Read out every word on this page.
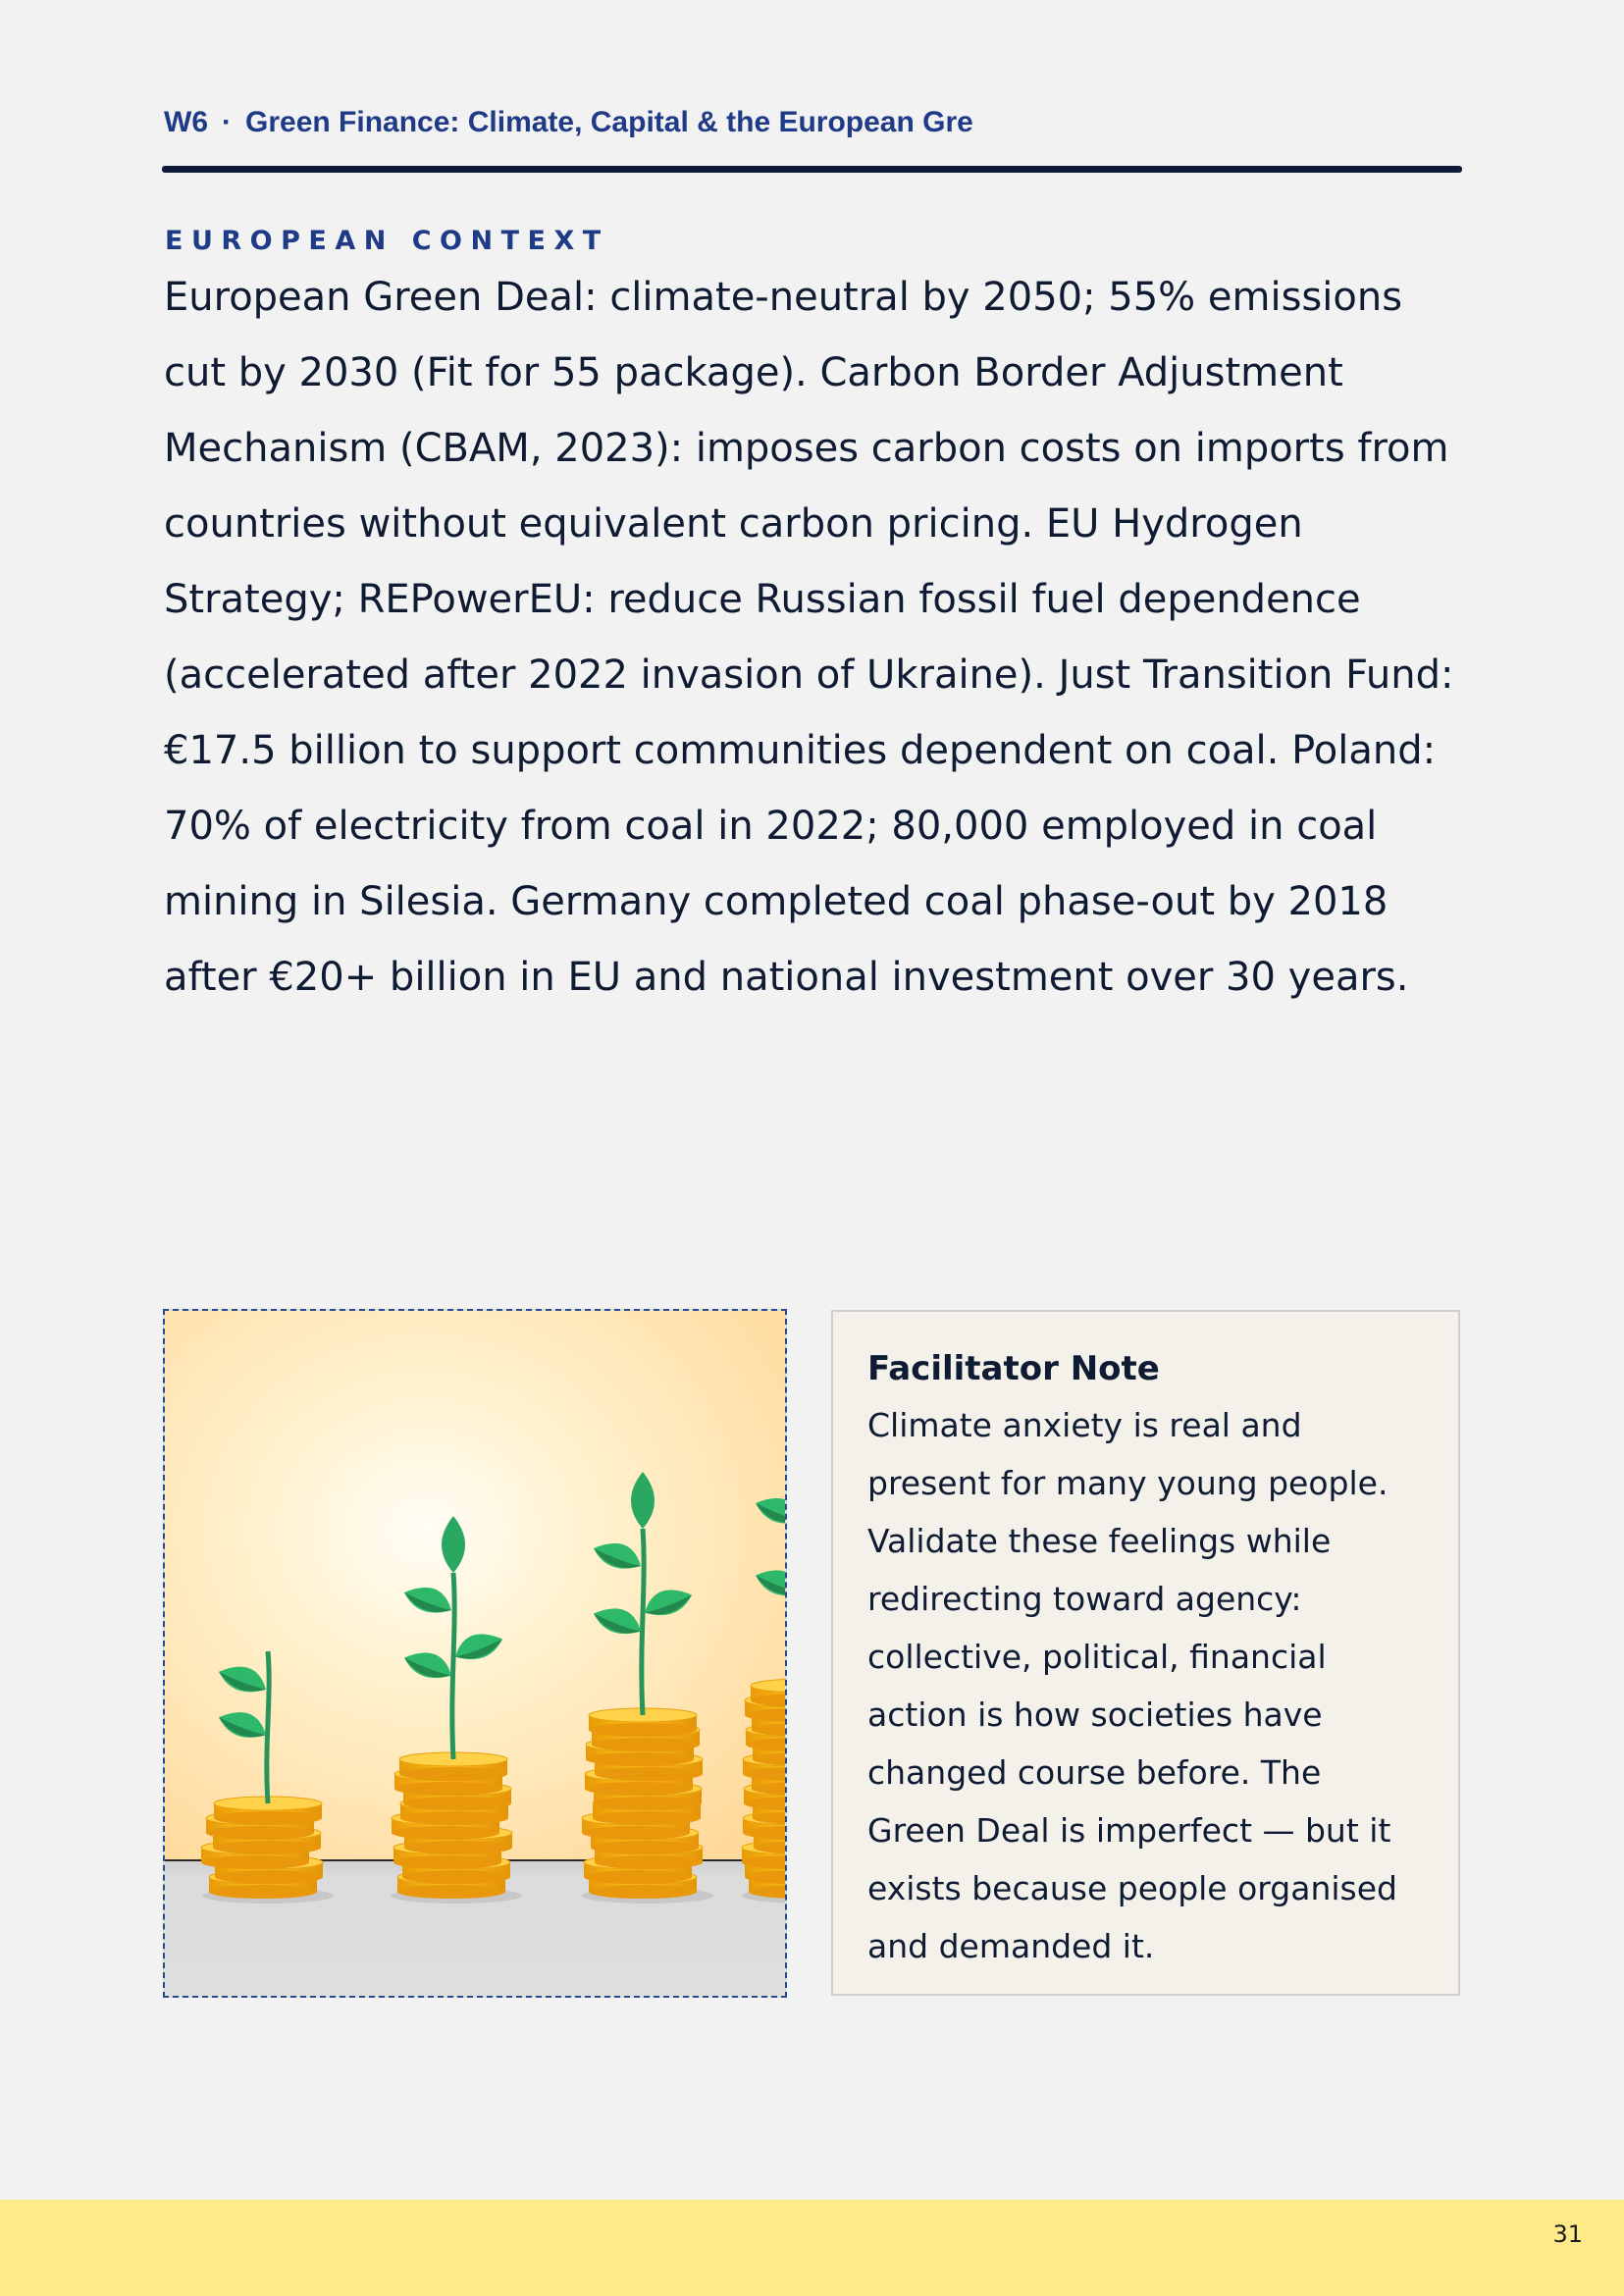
W6 · Green Finance: Climate, Capital & the European Gre
EUROPEAN CONTEXT

European Green Deal: climate-neutral by 2050; 55% emissions cut by 2030 (Fit for 55 package). Carbon Border Adjustment Mechanism (CBAM, 2023): imposes carbon costs on imports from countries without equivalent carbon pricing. EU Hydrogen Strategy; REPowerEU: reduce Russian fossil fuel dependence (accelerated after 2022 invasion of Ukraine). Just Transition Fund: €17.5 billion to support communities dependent on coal. Poland: 70% of electricity from coal in 2022; 80,000 employed in coal mining in Silesia. Germany completed coal phase-out by 2018 after €20+ billion in EU and national investment over 30 years.

Facilitator Note

Climate anxiety is real and present for many young people. Validate these feelings while redirecting toward agency: collective, political, financial action is how societies have changed course before. The Green Deal is imperfect — but it exists because people organised and demanded it.

31
